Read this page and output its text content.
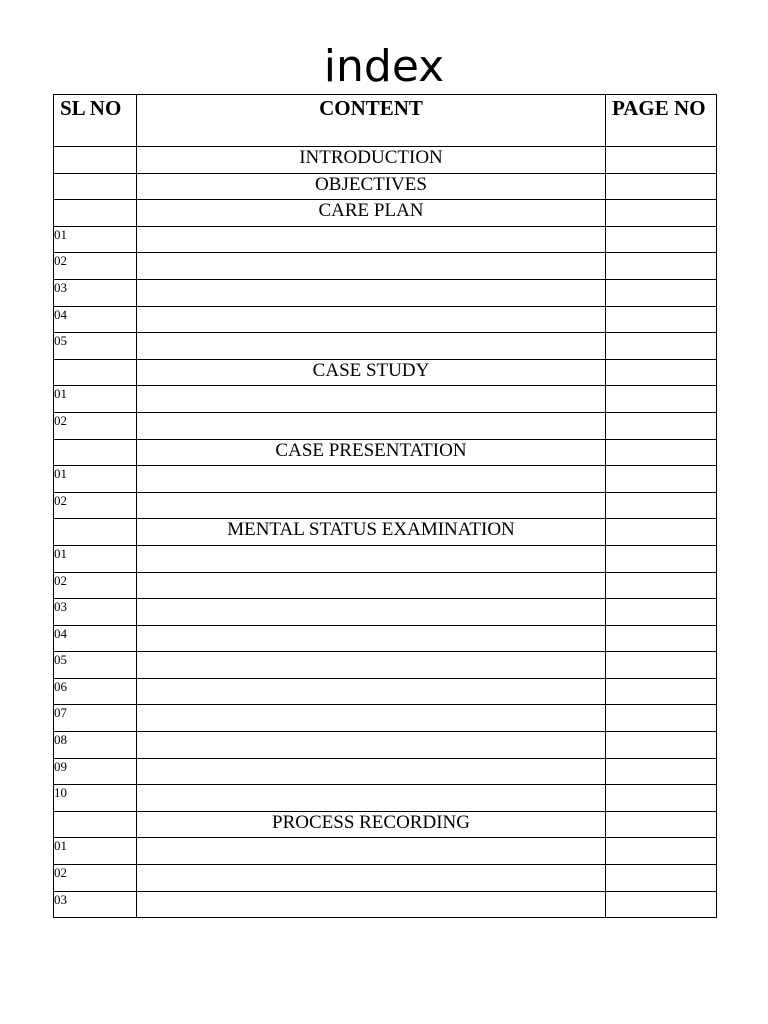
index
SL NO	CONTENT	PAGE NO
	INTRODUCTION	
	OBJECTIVES	
	CARE PLAN	
01		
02		
03		
04		
05		
	CASE STUDY	
01		
02		
	CASE PRESENTATION	
01		
02		
	MENTAL STATUS EXAMINATION	
01		
02		
03		
04		
05		
06		
07		
08		
09		
10		
	PROCESS RECORDING	
01		
02		
03		
